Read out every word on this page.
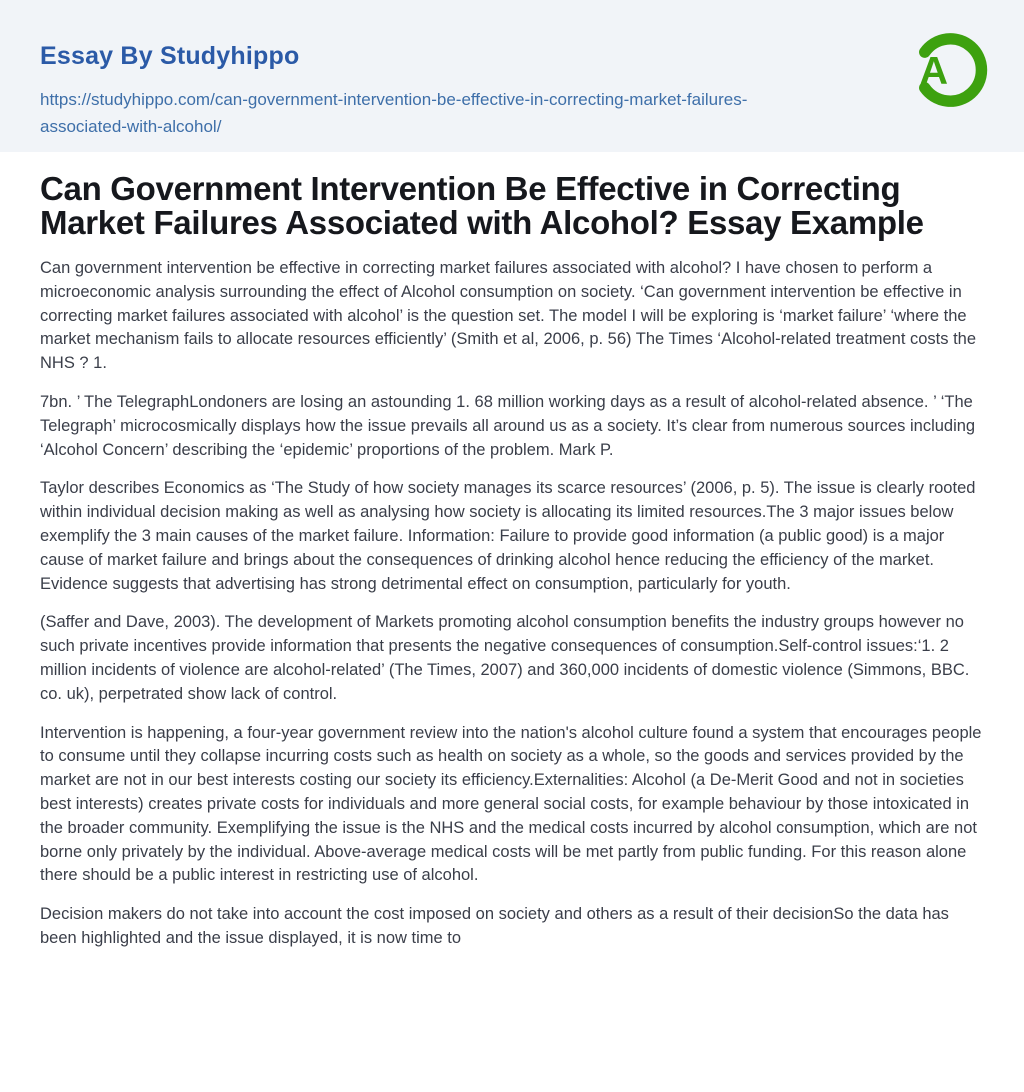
Essay By Studyhippo
https://studyhippo.com/can-government-intervention-be-effective-in-correcting-market-failures-associated-with-alcohol/
A
Can Government Intervention Be Effective in Correcting Market Failures Associated with Alcohol? Essay Example

Can government intervention be effective in correcting market failures associated with alcohol? I have chosen to perform a microeconomic analysis surrounding the effect of Alcohol consumption on society. ‘Can government intervention be effective in correcting market failures associated with alcohol’ is the question set. The model I will be exploring is ‘market failure’ ‘where the market mechanism fails to allocate resources efficiently’ (Smith et al, 2006, p. 56) The Times ‘Alcohol-related treatment costs the NHS ? 1.

7bn. ’ The TelegraphLondoners are losing an astounding 1. 68 million working days as a result of alcohol-related absence. ’ ‘The Telegraph’ microcosmically displays how the issue prevails all around us as a society. It’s clear from numerous sources including ‘Alcohol Concern’ describing the ‘epidemic’ proportions of the problem. Mark P.

Taylor describes Economics as ‘The Study of how society manages its scarce resources’ (2006, p. 5). The issue is clearly rooted within individual decision making as well as analysing how society is allocating its limited resources.The 3 major issues below exemplify the 3 main causes of the market failure. Information: Failure to provide good information (a public good) is a major cause of market failure and brings about the consequences of drinking alcohol hence reducing the efficiency of the market. Evidence suggests that advertising has strong detrimental effect on consumption, particularly for youth.

(Saffer and Dave, 2003). The development of Markets promoting alcohol consumption benefits the industry groups however no such private incentives provide information that presents the negative consequences of consumption.Self-control issues:‘1. 2 million incidents of violence are alcohol-related’ (The Times, 2007) and 360,000 incidents of domestic violence (Simmons, BBC. co. uk), perpetrated show lack of control.

Intervention is happening, a four-year government review into the nation's alcohol culture found a system that encourages people to consume until they collapse incurring costs such as health on society as a whole, so the goods and services provided by the market are not in our best interests costing our society its efficiency.Externalities: Alcohol (a De-Merit Good and not in societies best interests) creates private costs for individuals and more general social costs, for example behaviour by those intoxicated in the broader community. Exemplifying the issue is the NHS and the medical costs incurred by alcohol consumption, which are not borne only privately by the individual. Above-average medical costs will be met partly from public funding. For this reason alone there should be a public interest in restricting use of alcohol.

Decision makers do not take into account the cost imposed on society and others as a result of their decisionSo the data has been highlighted and the issue displayed, it is now time to
